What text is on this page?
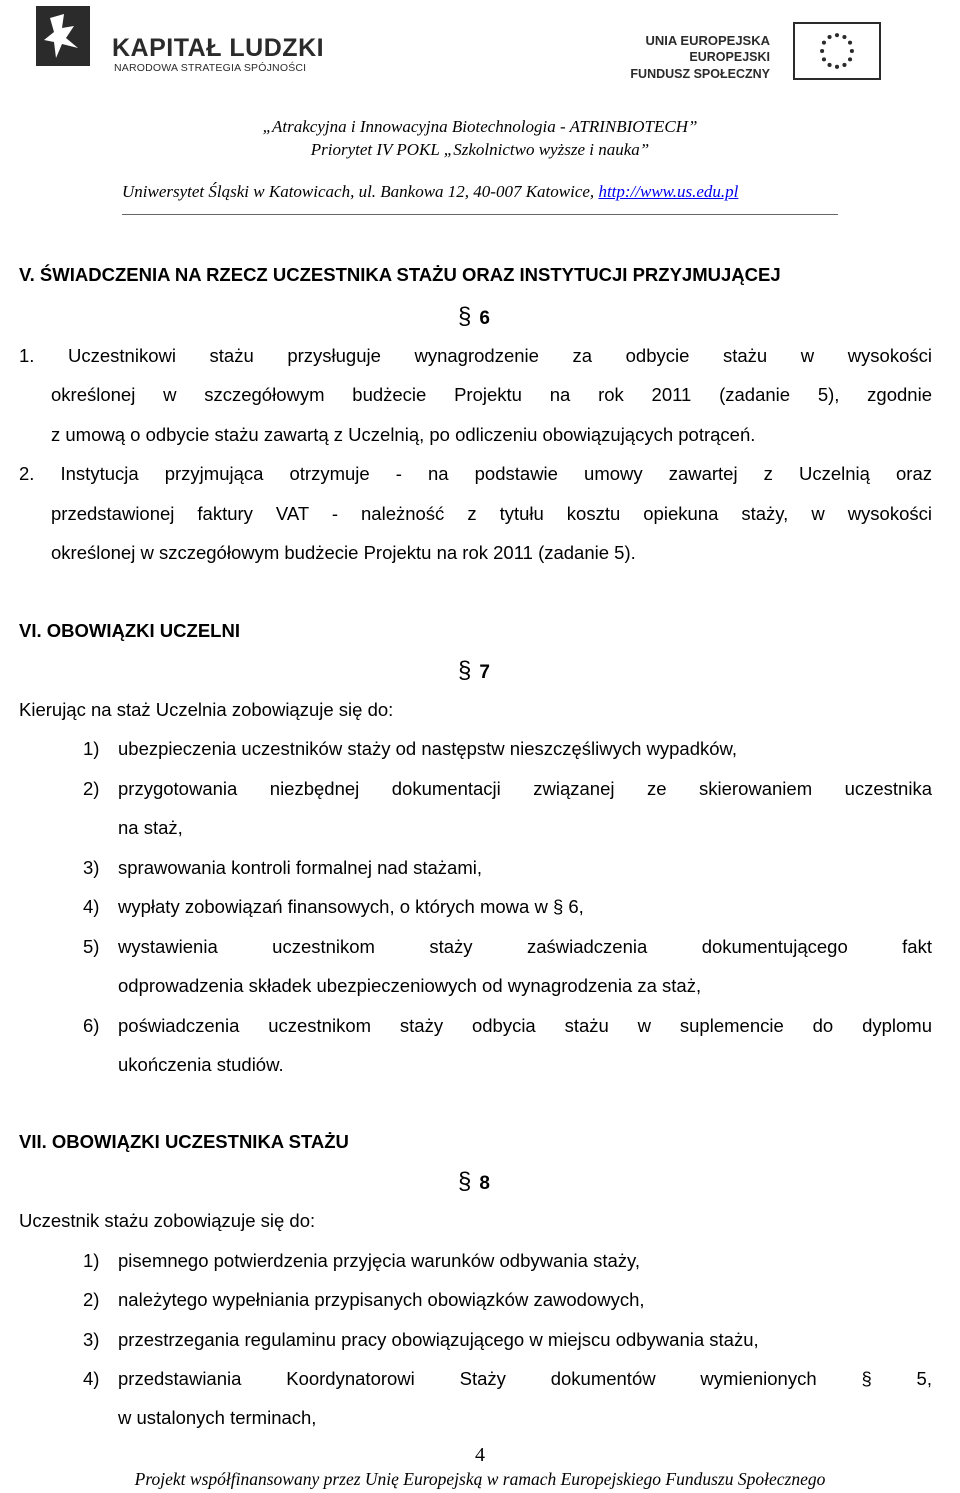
KAPITAŁ LUDZKI
NARODOWA STRATEGIA SPÓJNOŚCI
UNIA EUROPEJSKA
EUROPEJSKI
FUNDUSZ SPOŁECZNY
„Atrakcyjna i Innowacyjna Biotechnologia - ATRINBIOTECH”
Priorytet IV POKL „Szkolnictwo wyższe i nauka”
Uniwersytet Śląski w Katowicach, ul. Bankowa 12, 40-007 Katowice, http://www.us.edu.pl
V. ŚWIADCZENIA NA RZECZ UCZESTNIKA STAŻU ORAZ INSTYTUCJI PRZYJMUJĄCEJ
§ 6
1. Uczestnikowi stażu przysługuje wynagrodzenie za odbycie stażu w wysokości
określonej w szczegółowym budżecie Projektu na rok 2011 (zadanie 5), zgodnie
z umową o odbycie stażu zawartą z Uczelnią, po odliczeniu obowiązujących potrąceń.
2. Instytucja przyjmująca otrzymuje - na podstawie umowy zawartej z Uczelnią oraz
przedstawionej faktury VAT - należność z tytułu kosztu opiekuna staży, w wysokości
określonej w szczegółowym budżecie Projektu na rok 2011 (zadanie 5).
VI. OBOWIĄZKI UCZELNI
§ 7
Kierując na staż Uczelnia zobowiązuje się do:
1) ubezpieczenia uczestników staży od następstw nieszczęśliwych wypadków,
2) przygotowania niezbędnej dokumentacji związanej ze skierowaniem uczestnika
na staż,
3) sprawowania kontroli formalnej nad stażami,
4) wypłaty zobowiązań finansowych, o których mowa w § 6,
5) wystawienia uczestnikom staży zaświadczenia dokumentującego fakt
odprowadzenia składek ubezpieczeniowych od wynagrodzenia za staż,
6) poświadczenia uczestnikom staży odbycia stażu w suplemencie do dyplomu
ukończenia studiów.
VII. OBOWIĄZKI UCZESTNIKA STAŻU
§ 8
Uczestnik stażu zobowiązuje się do:
1) pisemnego potwierdzenia przyjęcia warunków odbywania staży,
2) należytego wypełniania przypisanych obowiązków zawodowych,
3) przestrzegania regulaminu pracy obowiązującego w miejscu odbywania stażu,
4) przedstawiania Koordynatorowi Staży dokumentów wymienionych § 5,
w ustalonych terminach,
4
Projekt współfinansowany przez Unię Europejską w ramach Europejskiego Funduszu Społecznego
